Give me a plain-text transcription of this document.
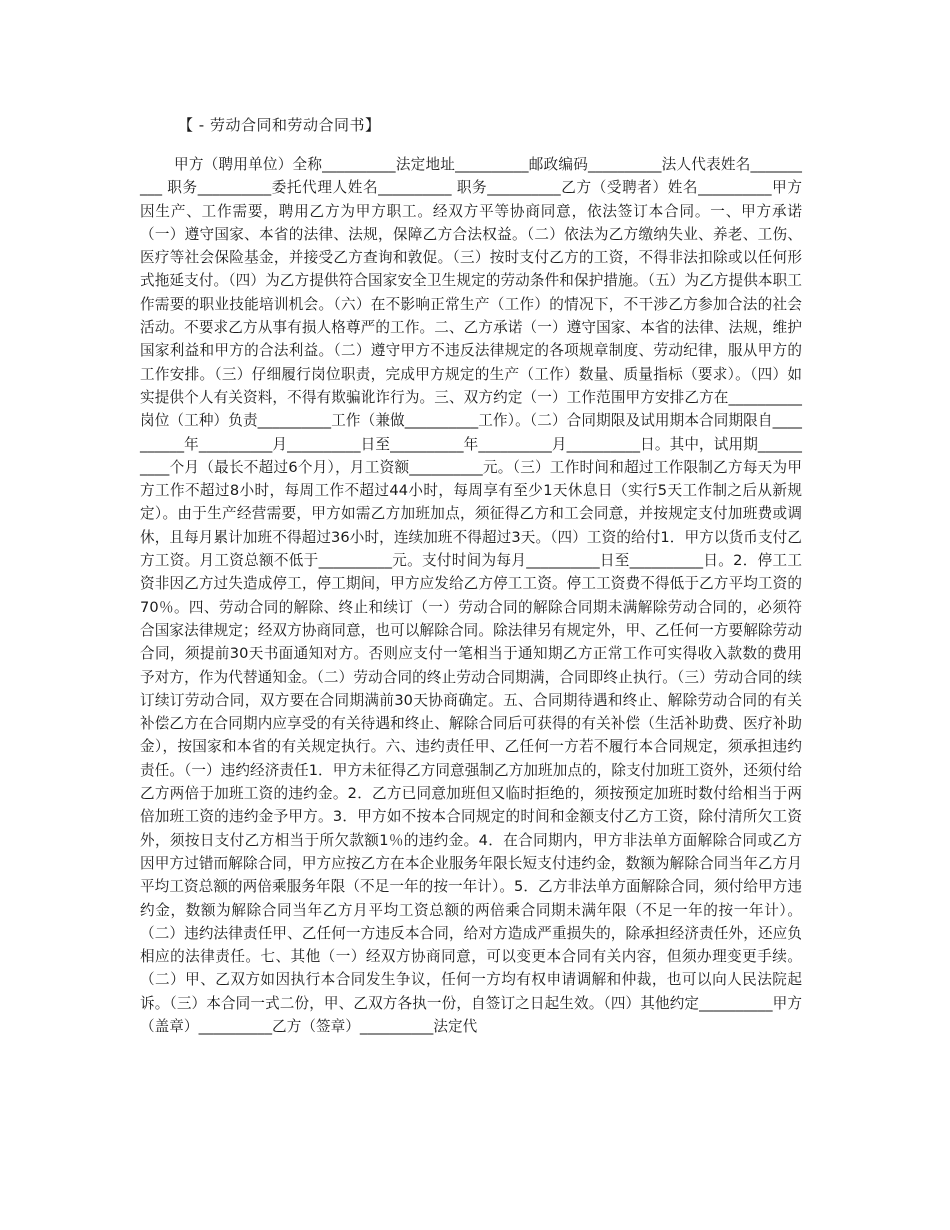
【 - 劳动合同和劳动合同书】

甲方（聘用单位）全称__________法定地址__________邮政编码__________法人代表姓名__________ 职务__________委托代理人姓名__________ 职务__________乙方（受聘者）姓名__________甲方因生产、工作需要，聘用乙方为甲方职工。经双方平等协商同意，依法签订本合同。一、甲方承诺（一）遵守国家、本省的法律、法规，保障乙方合法权益。（二）依法为乙方缴纳失业、养老、工伤、医疗等社会保险基金，并接受乙方查询和敦促。（三）按时支付乙方的工资，不得非法扣除或以任何形式拖延支付。（四）为乙方提供符合国家安全卫生规定的劳动条件和保护措施。（五）为乙方提供本职工作需要的职业技能培训机会。（六）在不影响正常生产（工作）的情况下，不干涉乙方参加合法的社会活动。不要求乙方从事有损人格尊严的工作。二、乙方承诺（一）遵守国家、本省的法律、法规，维护国家利益和甲方的合法利益。（二）遵守甲方不违反法律规定的各项规章制度、劳动纪律，服从甲方的工作安排。（三）仔细履行岗位职责，完成甲方规定的生产（工作）数量、质量指标（要求）。（四）如实提供个人有关资料，不得有欺骗讹诈行为。三、双方约定（一）工作范围甲方安排乙方在__________岗位（工种）负责__________工作（兼做__________工作）。（二）合同期限及试用期本合同期限自__________年__________月__________日至__________年__________月__________日。其中，试用期__________个月（最长不超过6个月），月工资额__________元。（三）工作时间和超过工作限制乙方每天为甲方工作不超过8小时，每周工作不超过44小时，每周享有至少1天休息日（实行5天工作制之后从新规定）。由于生产经营需要，甲方如需乙方加班加点，须征得乙方和工会同意，并按规定支付加班费或调休，且每月累计加班不得超过36小时，连续加班不得超过3天。（四）工资的给付1．甲方以货币支付乙方工资。月工资总额不低于__________元。支付时间为每月__________日至__________日。2．停工工资非因乙方过失造成停工，停工期间，甲方应发给乙方停工工资。停工工资费不得低于乙方平均工资的70％。四、劳动合同的解除、终止和续订（一）劳动合同的解除合同期未满解除劳动合同的，必须符合国家法律规定；经双方协商同意，也可以解除合同。除法律另有规定外，甲、乙任何一方要解除劳动合同，须提前30天书面通知对方。否则应支付一笔相当于通知期乙方正常工作可实得收入款数的费用予对方，作为代替通知金。（二）劳动合同的终止劳动合同期满，合同即终止执行。（三）劳动合同的续订续订劳动合同，双方要在合同期满前30天协商确定。五、合同期待遇和终止、解除劳动合同的有关补偿乙方在合同期内应享受的有关待遇和终止、解除合同后可获得的有关补偿（生活补助费、医疗补助金），按国家和本省的有关规定执行。六、违约责任甲、乙任何一方若不履行本合同规定，须承担违约责任。（一）违约经济责任1．甲方未征得乙方同意强制乙方加班加点的，除支付加班工资外，还须付给乙方两倍于加班工资的违约金。2．乙方已同意加班但又临时拒绝的，须按预定加班时数付给相当于两倍加班工资的违约金予甲方。3．甲方如不按本合同规定的时间和金额支付乙方工资，除付清所欠工资外，须按日支付乙方相当于所欠款额1％的违约金。4．在合同期内，甲方非法单方面解除合同或乙方因甲方过错而解除合同，甲方应按乙方在本企业服务年限长短支付违约金，数额为解除合同当年乙方月平均工资总额的两倍乘服务年限（不足一年的按一年计）。5．乙方非法单方面解除合同，须付给甲方违约金，数额为解除合同当年乙方月平均工资总额的两倍乘合同期未满年限（不足一年的按一年计）。（二）违约法律责任甲、乙任何一方违反本合同，给对方造成严重损失的，除承担经济责任外，还应负相应的法律责任。七、其他（一）经双方协商同意，可以变更本合同有关内容，但须办理变更手续。（二）甲、乙双方如因执行本合同发生争议，任何一方均有权申请调解和仲裁，也可以向人民法院起诉。（三）本合同一式二份，甲、乙双方各执一份，自签订之日起生效。（四）其他约定__________甲方（盖章）__________乙方（签章）__________法定代
